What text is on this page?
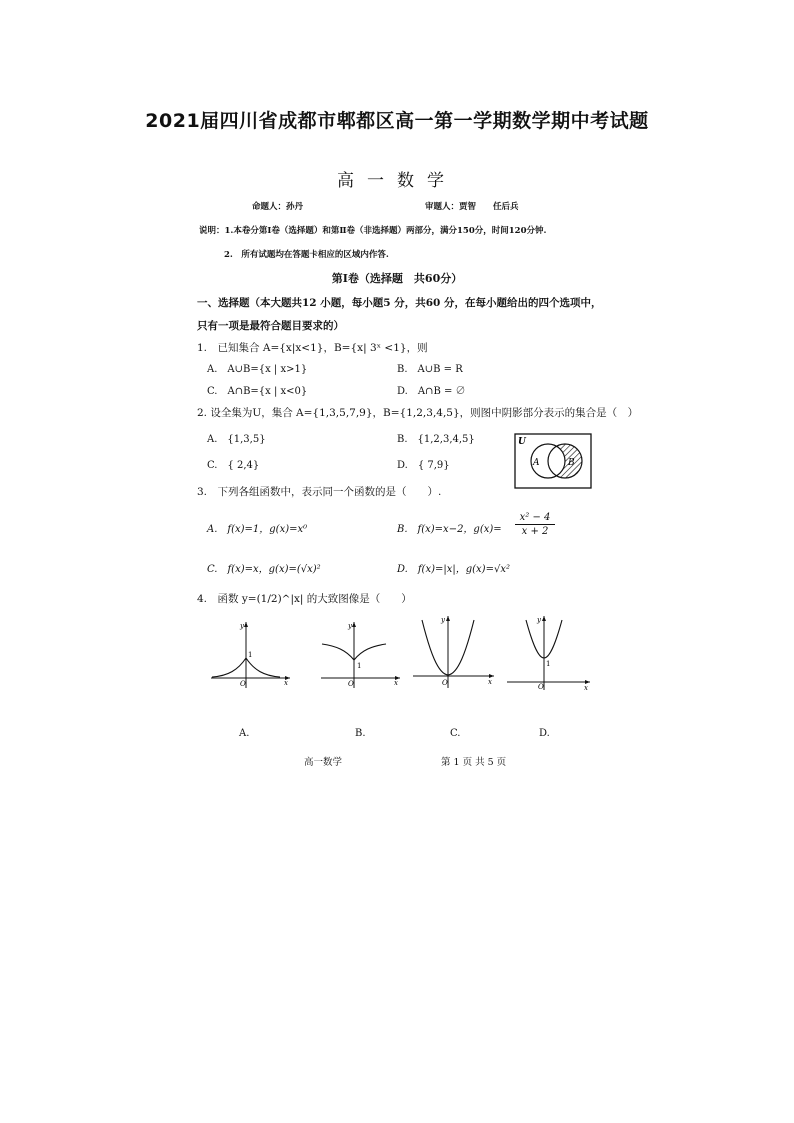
2021届四川省成都市郫都区高一第一学期数学期中考试题
高一数学
命题人：孙丹	审题人：贾智　　任后兵
说明：1.本卷分第Ⅰ卷（选择题）和第Ⅱ卷（非选择题）两部分，满分150分，时间120分钟.
2.　所有试题均在答题卡相应的区域内作答.
第Ⅰ卷（选择题　共60分）
一、选择题（本大题共12 小题，每小题5 分，共60 分，在每小题给出的四个选项中，
只有一项是最符合题目要求的）
1.　已知集合 A={x|x<1}，B={x| 3ˣ <1}，则
A.　A∪B={x | x>1}	B.　A∪B = R
C.　A∩B={x | x<0}	D.　A∩B = ∅
2. 设全集为U，集合 A={1,3,5,7,9}，B={1,2,3,4,5}，则图中阴影部分表示的集合是（　）
A.　{1,3,5}	B.　{1,2,3,4,5}
C.　{ 2,4}	D.　{ 7,9}
U
A	B
3.　下列各组函数中，表示同一个函数的是（　　）.
A.　f(x)=1，g(x)=x⁰	B.　f(x)=x−2，$g(x)= \frac{\text{x² − 4}}{x + 2}$
C.　f(x)=x，g(x)=(√x)²	D.　f(x)=|x|，g(x)=√x²
4.　函数 y=(1/2)^|x| 的大致图像是（　　）
y
1
O	x
y
1
O	x
y
O	x
y
1
O	x
A.	B.	C.	D.
高一数学	第 1 页 共 5 页
